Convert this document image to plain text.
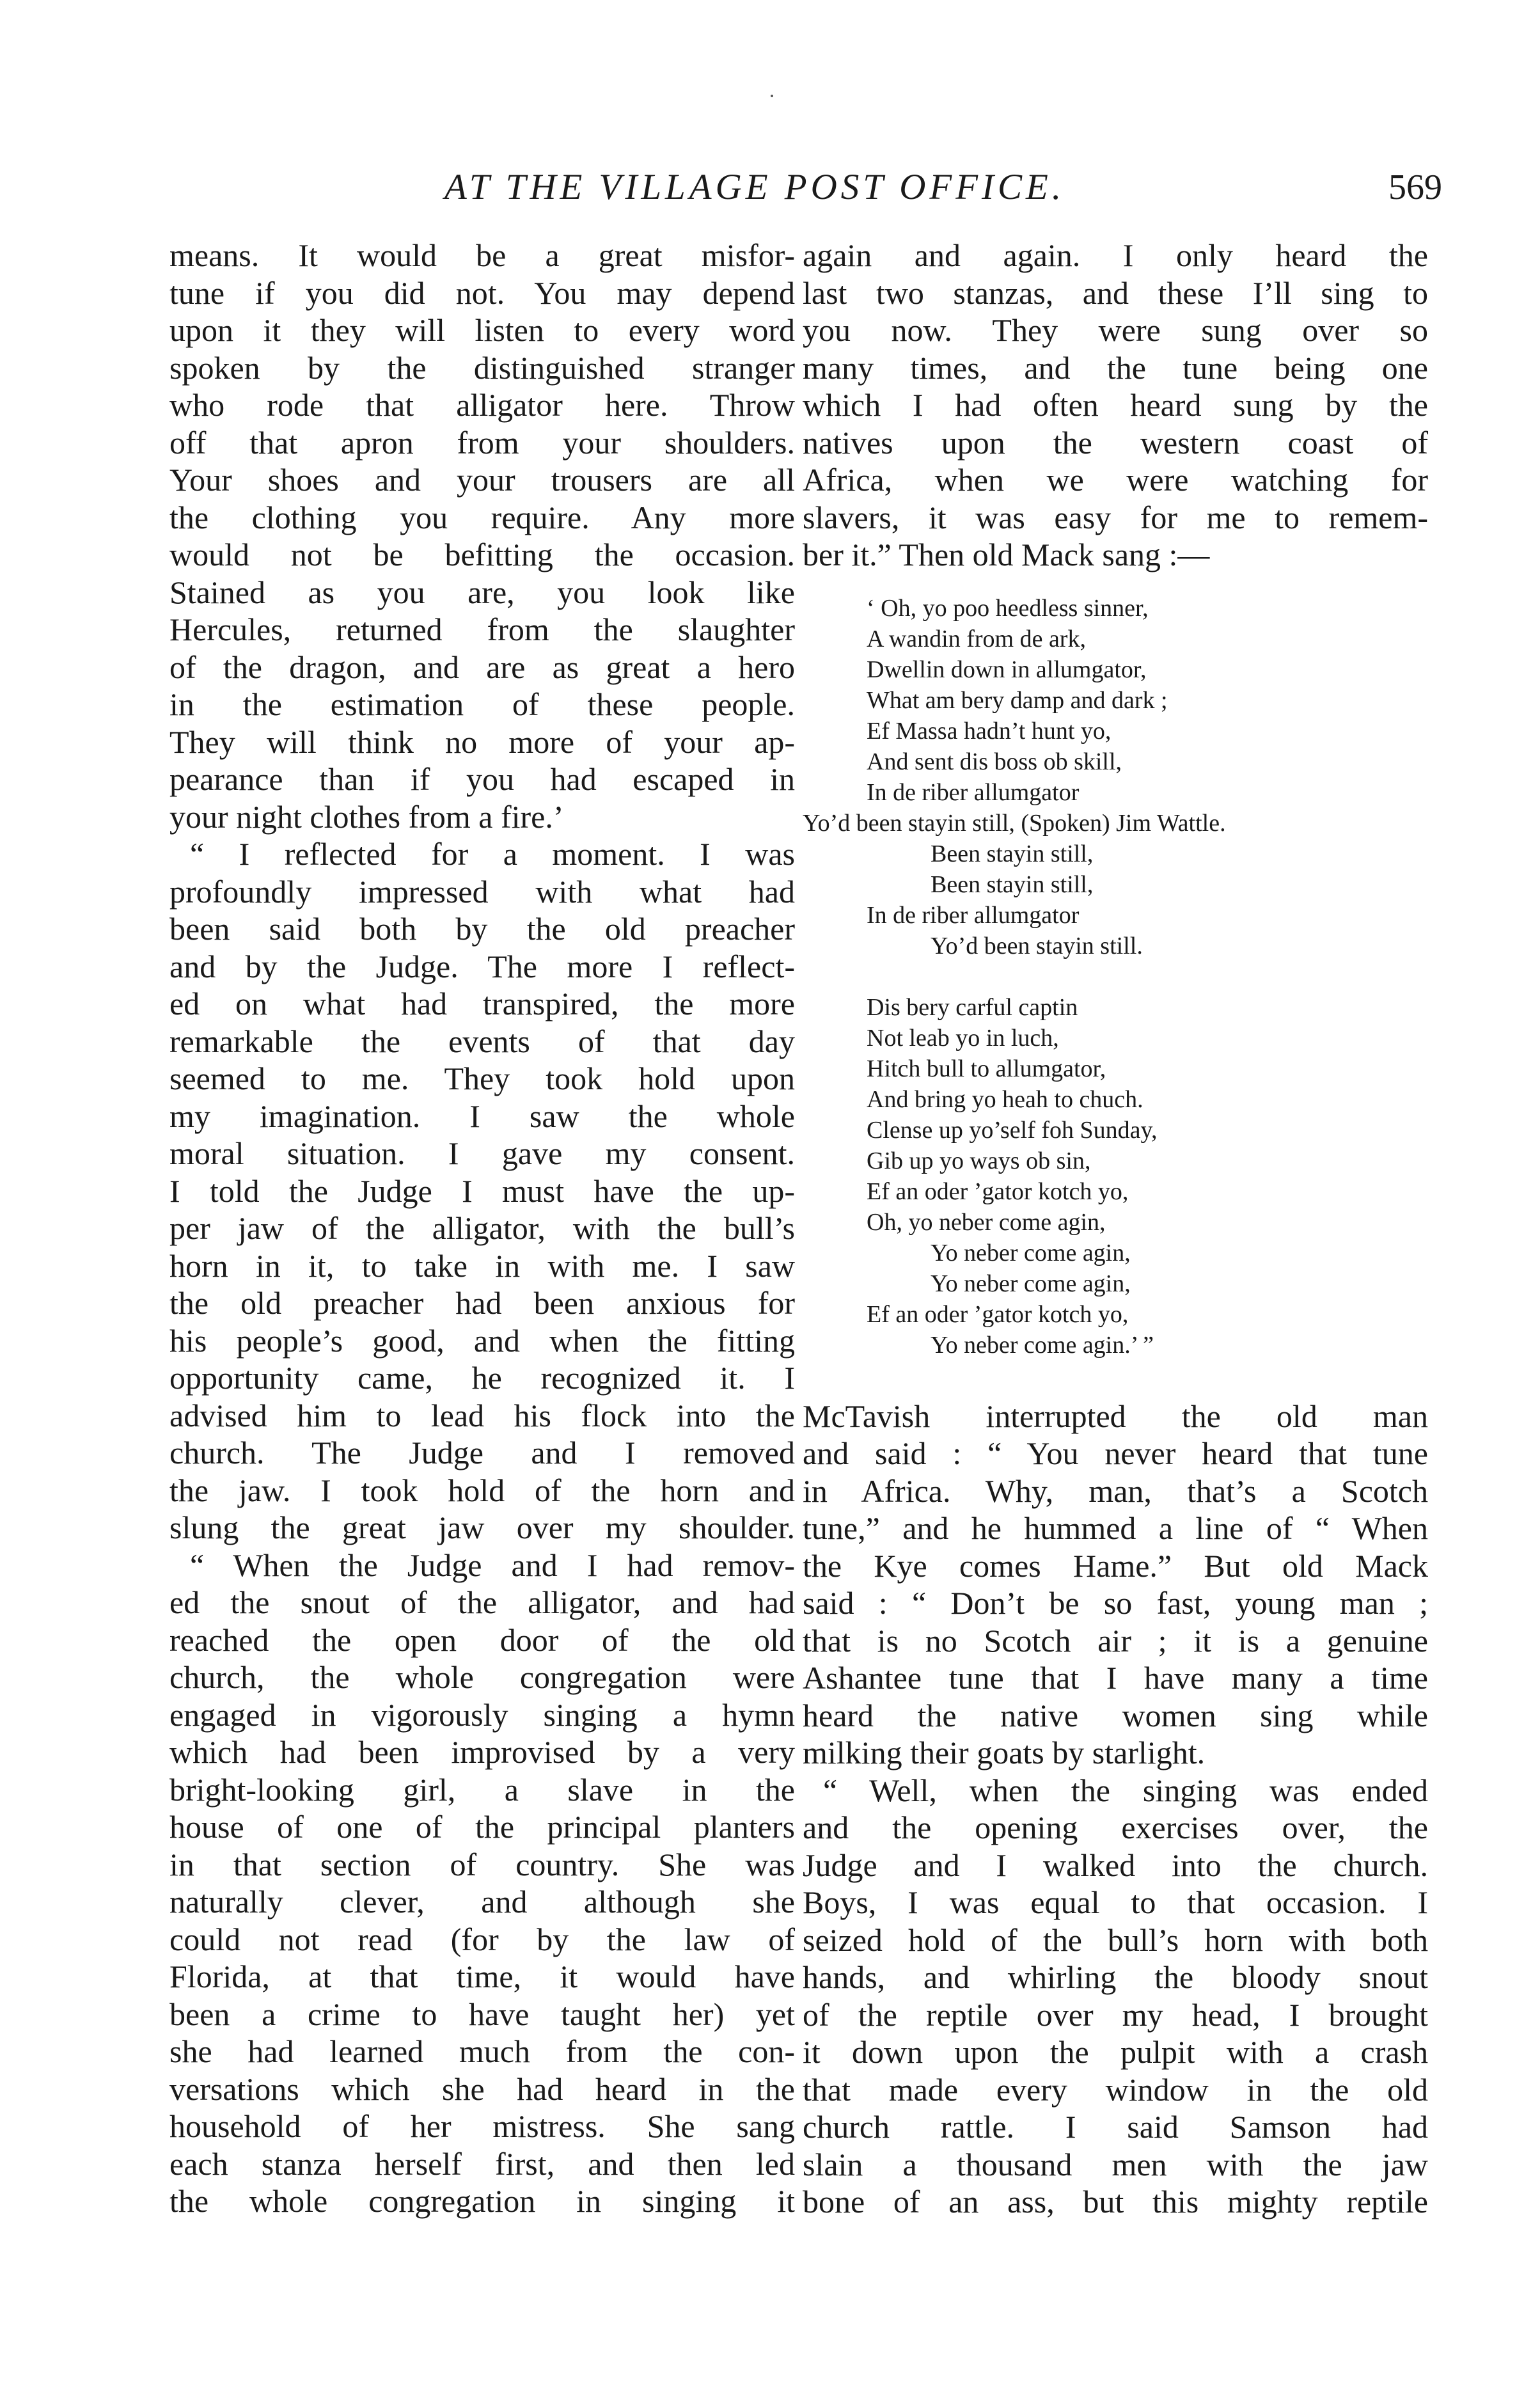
AT THE VILLAGE POST OFFICE.	569
means. It would be a great misfor-
tune if you did not. You may depend
upon it they will listen to every word
spoken by the distinguished stranger
who rode that alligator here. Throw
off that apron from your shoulders.
Your shoes and your trousers are all
the clothing you require. Any more
would not be befitting the occasion.
Stained as you are, you look like
Hercules, returned from the slaughter
of the dragon, and are as great a hero
in the estimation of these people.
They will think no more of your ap-
pearance than if you had escaped in
your night clothes from a fire.’
“ I reflected for a moment. I was
profoundly impressed with what had
been said both by the old preacher
and by the Judge. The more I reflect-
ed on what had transpired, the more
remarkable the events of that day
seemed to me. They took hold upon
my imagination. I saw the whole
moral situation. I gave my consent.
I told the Judge I must have the up-
per jaw of the alligator, with the bull’s
horn in it, to take in with me. I saw
the old preacher had been anxious for
his people’s good, and when the fitting
opportunity came, he recognized it. I
advised him to lead his flock into the
church. The Judge and I removed
the jaw. I took hold of the horn and
slung the great jaw over my shoulder.
“ When the Judge and I had remov-
ed the snout of the alligator, and had
reached the open door of the old
church, the whole congregation were
engaged in vigorously singing a hymn
which had been improvised by a very
bright-looking girl, a slave in the
house of one of the principal planters
in that section of country. She was
naturally clever, and although she
could not read (for by the law of
Florida, at that time, it would have
been a crime to have taught her) yet
she had learned much from the con-
versations which she had heard in the
household of her mistress. She sang
each stanza herself first, and then led
the whole congregation in singing it
again and again. I only heard the
last two stanzas, and these I’ll sing to
you now. They were sung over so
many times, and the tune being one
which I had often heard sung by the
natives upon the western coast of
Africa, when we were watching for
slavers, it was easy for me to remem-
ber it.” Then old Mack sang :—
‘ Oh, yo poo heedless sinner,
A wandin from de ark,
Dwellin down in allumgator,
What am bery damp and dark ;
Ef Massa hadn’t hunt yo,
And sent dis boss ob skill,
In de riber allumgator
Yo’d been stayin still, (Spoken) Jim Wattle.
Been stayin still,
Been stayin still,
In de riber allumgator
Yo’d been stayin still.
Dis bery carful captin
Not leab yo in luch,
Hitch bull to allumgator,
And bring yo heah to chuch.
Clense up yo’self foh Sunday,
Gib up yo ways ob sin,
Ef an oder ’gator kotch yo,
Oh, yo neber come agin,
Yo neber come agin,
Yo neber come agin,
Ef an oder ’gator kotch yo,
Yo neber come agin.’ ”
McTavish interrupted the old man
and said : “ You never heard that tune
in Africa. Why, man, that’s a Scotch
tune,” and he hummed a line of “ When
the Kye comes Hame.” But old Mack
said : “ Don’t be so fast, young man ;
that is no Scotch air ; it is a genuine
Ashantee tune that I have many a time
heard the native women sing while
milking their goats by starlight.
“ Well, when the singing was ended
and the opening exercises over, the
Judge and I walked into the church.
Boys, I was equal to that occasion. I
seized hold of the bull’s horn with both
hands, and whirling the bloody snout
of the reptile over my head, I brought
it down upon the pulpit with a crash
that made every window in the old
church rattle. I said Samson had
slain a thousand men with the jaw
bone of an ass, but this mighty reptile
